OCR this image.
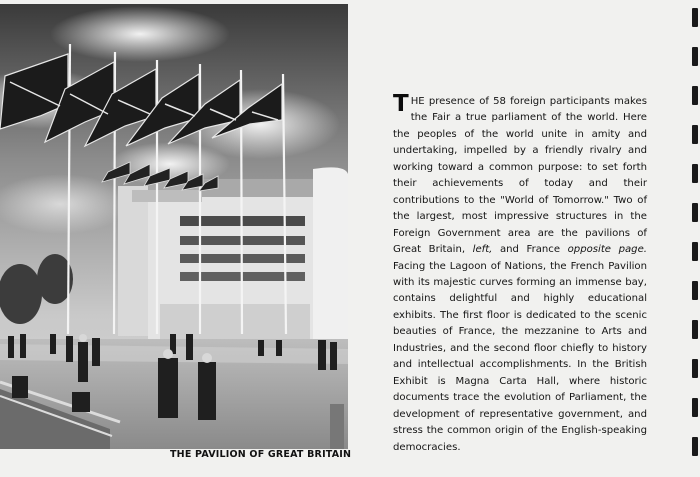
THE PAVILION OF GREAT BRITAIN
THE presence of 58 foreign participants makes the Fair a true parliament of the world. Here the peoples of the world unite in amity and undertaking, impelled by a friendly rivalry and working toward a common purpose: to set forth their achievements of today and their contributions to the "World of Tomorrow." Two of the largest, most impressive structures in the Foreign Government area are the pavilions of Great Britain, left, and France opposite page. Facing the Lagoon of Nations, the French Pavilion with its majestic curves forming an immense bay, contains delightful and highly educational exhibits. The first floor is dedicated to the scenic beauties of France, the mezzanine to Arts and Industries, and the second floor chiefly to history and intellectual accomplishments. In the British Exhibit is Magna Carta Hall, where historic documents trace the evolution of Parliament, the development of representative government, and stress the common origin of the English-speaking democracies.
